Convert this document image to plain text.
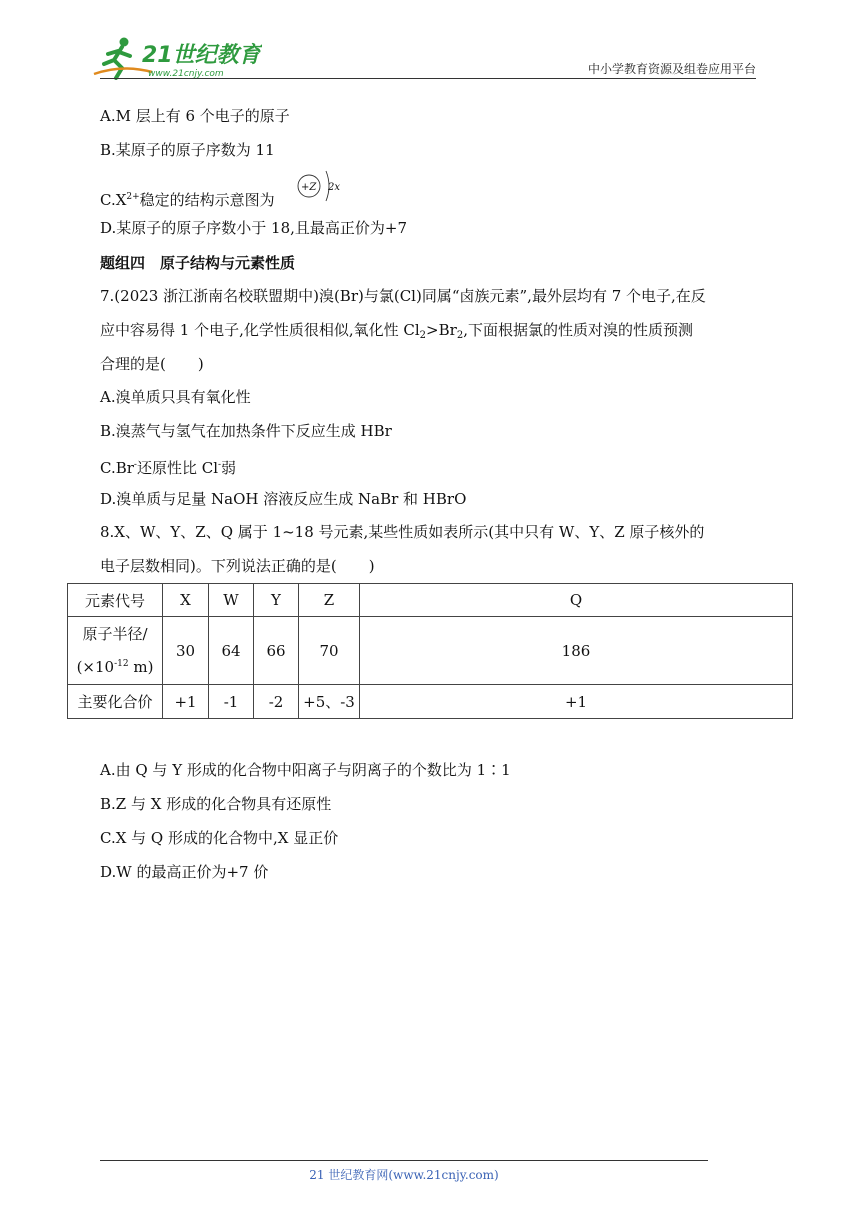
21世纪教育
www.21cnjy.com	中小学教育资源及组卷应用平台
A.M 层上有 6 个电子的原子
B.某原子的原子序数为 11
$C.X^{2+}$稳定的结构示意图为
+Z 2x
D.某原子的原子序数小于 18,且最高正价为+7
题组四　原子结构与元素性质
7.(2023 浙江浙南名校联盟期中)溴(Br)与氯(Cl)同属“卤族元素”,最外层均有 7 个电子,在反
应中容易得 1 个电子,化学性质很相似,氧化性 $Cl_2>Br_2$,下面根据氯的性质对溴的性质预测
合理的是( )
A.溴单质只具有氧化性
B.溴蒸气与氢气在加热条件下反应生成 HBr
C.Br-还原性比 Cl-弱
D.溴单质与足量 NaOH 溶液反应生成 NaBr 和 HBrO
8.X、W、Y、Z、Q 属于 1~18 号元素,某些性质如表所示(其中只有 W、Y、Z 原子核外的
电子层数相同)。下列说法正确的是( )
元素代号	X	W	Y	Z	Q

原子半径/
($\times 10^{-12}$ m)	30	64	66	70	186
主要化合价	+1	-1	-2	+5、-3	+1
A.由 Q 与 Y 形成的化合物中阳离子与阴离子的个数比为 1∶1
B.Z 与 X 形成的化合物具有还原性
C.X 与 Q 形成的化合物中,X 显正价
D.W 的最高正价为+7 价
21 世纪教育网(www.21cnjy.com)
